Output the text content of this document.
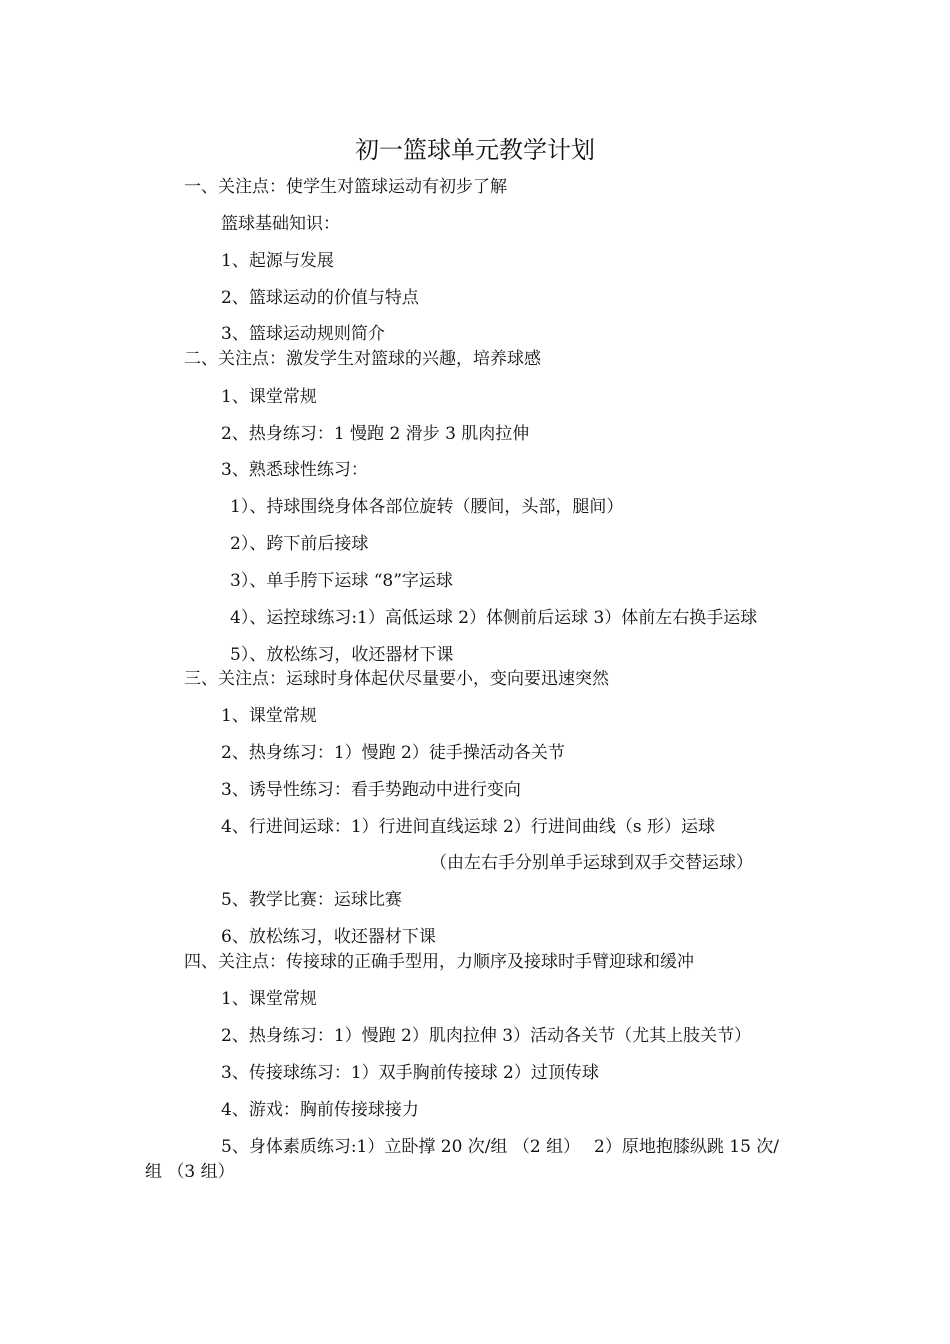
初一篮球单元教学计划
一、关注点：使学生对篮球运动有初步了解
篮球基础知识：
1、起源与发展
2、篮球运动的价值与特点
3、篮球运动规则简介
二、关注点：激发学生对篮球的兴趣，培养球感
1、课堂常规
2、热身练习：1 慢跑 2 滑步 3 肌肉拉伸
3、熟悉球性练习：
1）、持球围绕身体各部位旋转（腰间，头部，腿间）
2）、跨下前后接球
3）、单手胯下运球 “8”字运球
4）、运控球练习:1）高低运球 2）体侧前后运球 3）体前左右换手运球
5）、放松练习，收还器材下课
三、关注点：运球时身体起伏尽量要小，变向要迅速突然
1、课堂常规
2、热身练习：1）慢跑 2）徒手操活动各关节
3、诱导性练习：看手势跑动中进行变向
4、行进间运球：1）行进间直线运球 2）行进间曲线（s 形）运球
（由左右手分别单手运球到双手交替运球）
5、教学比赛：运球比赛
6、放松练习，收还器材下课
四、关注点：传接球的正确手型用，力顺序及接球时手臂迎球和缓冲
1、课堂常规
2、热身练习：1）慢跑 2）肌肉拉伸 3）活动各关节（尤其上肢关节）
3、传接球练习：1）双手胸前传接球 2）过顶传球
4、游戏：胸前传接球接力
5、身体素质练习:1）立卧撑 20 次/组 （2 组）　 2）原地抱膝纵跳 15 次/
组 （3 组）
